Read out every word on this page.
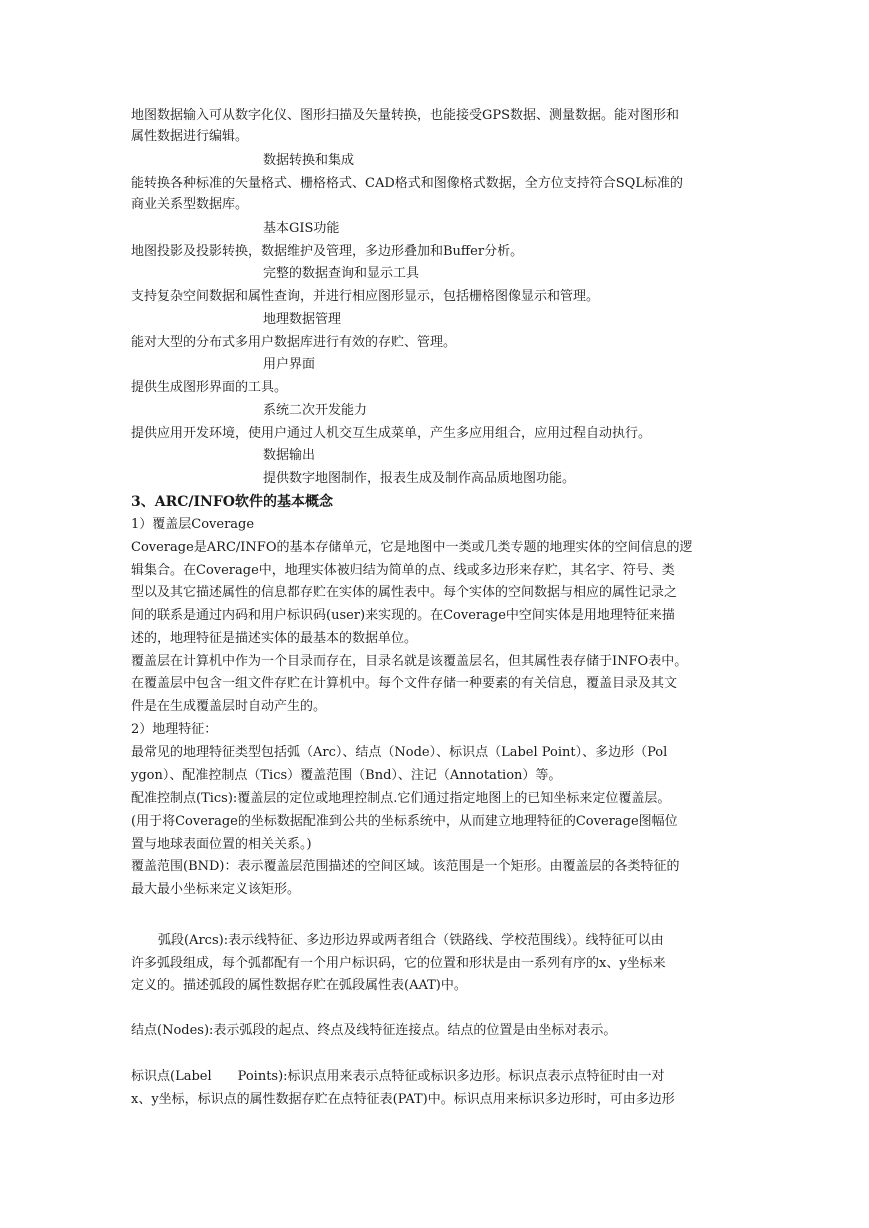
地图数据输入可从数字化仪、图形扫描及矢量转换，也能接受GPS数据、测量数据。能对图形和
属性数据进行编辑。
数据转换和集成
能转换各种标准的矢量格式、栅格格式、CAD格式和图像格式数据，全方位支持符合SQL标准的
商业关系型数据库。
基本GIS功能
地图投影及投影转换，数据维护及管理，多边形叠加和Buffer分析。
完整的数据查询和显示工具
支持复杂空间数据和属性查询，并进行相应图形显示，包括栅格图像显示和管理。
地理数据管理
能对大型的分布式多用户数据库进行有效的存贮、管理。
用户界面
提供生成图形界面的工具。
系统二次开发能力
提供应用开发环境，使用户通过人机交互生成菜单，产生多应用组合，应用过程自动执行。
数据输出
提供数字地图制作，报表生成及制作高品质地图功能。
3、ARC/INFO软件的基本概念
1）覆盖层Coverage
Coverage是ARC/INFO的基本存储单元，它是地图中一类或几类专题的地理实体的空间信息的逻
辑集合。在Coverage中，地理实体被归结为简单的点、线或多边形来存贮，其名字、符号、类
型以及其它描述属性的信息都存贮在实体的属性表中。每个实体的空间数据与相应的属性记录之
间的联系是通过内码和用户标识码(user)来实现的。在Coverage中空间实体是用地理特征来描
述的，地理特征是描述实体的最基本的数据单位。
覆盖层在计算机中作为一个目录而存在，目录名就是该覆盖层名，但其属性表存储于INFO表中。
在覆盖层中包含一组文件存贮在计算机中。每个文件存储一种要素的有关信息，覆盖目录及其文
件是在生成覆盖层时自动产生的。
2）地理特征：
最常见的地理特征类型包括弧（Arc）、结点（Node）、标识点（Label Point）、多边形（Pol
ygon）、配准控制点（Tics）覆盖范围（Bnd）、注记（Annotation）等。
配准控制点(Tics):覆盖层的定位或地理控制点.它们通过指定地图上的已知坐标来定位覆盖层。
(用于将Coverage的坐标数据配准到公共的坐标系统中，从而建立地理特征的Coverage图幅位
置与地球表面位置的相关关系。)
覆盖范围(BND)：表示覆盖层范围描述的空间区域。该范围是一个矩形。由覆盖层的各类特征的
最大最小坐标来定义该矩形。
弧段(Arcs):表示线特征、多边形边界或两者组合（铁路线、学校范围线）。线特征可以由
许多弧段组成，每个弧都配有一个用户标识码，它的位置和形状是由一系列有序的x、y坐标来
定义的。描述弧段的属性数据存贮在弧段属性表(AAT)中。
结点(Nodes):表示弧段的起点、终点及线特征连接点。结点的位置是由坐标对表示。
标识点(Label　　Points):标识点用来表示点特征或标识多边形。标识点表示点特征时由一对
x、y坐标，标识点的属性数据存贮在点特征表(PAT)中。标识点用来标识多边形时，可由多边形
